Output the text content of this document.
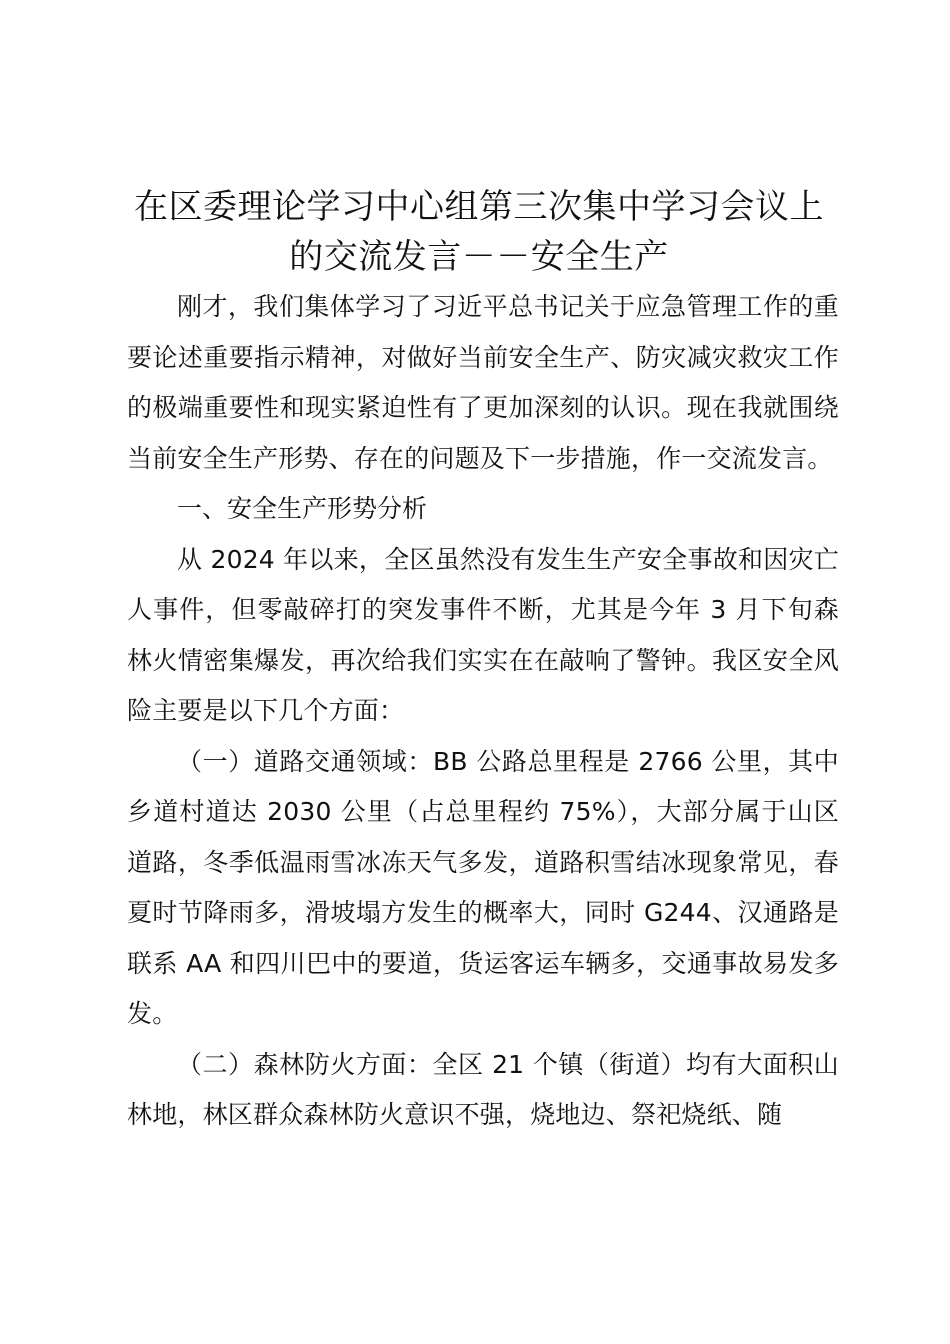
在区委理论学习中心组第三次集中学习会议上的交流发言－－安全生产

刚才，我们集体学习了习近平总书记关于应急管理工作的重要论述重要指示精神，对做好当前安全生产、防灾减灾救灾工作的极端重要性和现实紧迫性有了更加深刻的认识。现在我就围绕当前安全生产形势、存在的问题及下一步措施，作一交流发言。

一、安全生产形势分析

从 2024 年以来，全区虽然没有发生生产安全事故和因灾亡人事件，但零敲碎打的突发事件不断，尤其是今年 3 月下旬森林火情密集爆发，再次给我们实实在在敲响了警钟。我区安全风险主要是以下几个方面：

（一）道路交通领域：BB 公路总里程是 2766 公里，其中乡道村道达 2030 公里（占总里程约 75%），大部分属于山区道路，冬季低温雨雪冰冻天气多发，道路积雪结冰现象常见，春夏时节降雨多，滑坡塌方发生的概率大，同时 G244、汉通路是联系 AA 和四川巴中的要道，货运客运车辆多，交通事故易发多发。

（二）森林防火方面：全区 21 个镇（街道）均有大面积山林地，林区群众森林防火意识不强，烧地边、祭祀烧纸、随
